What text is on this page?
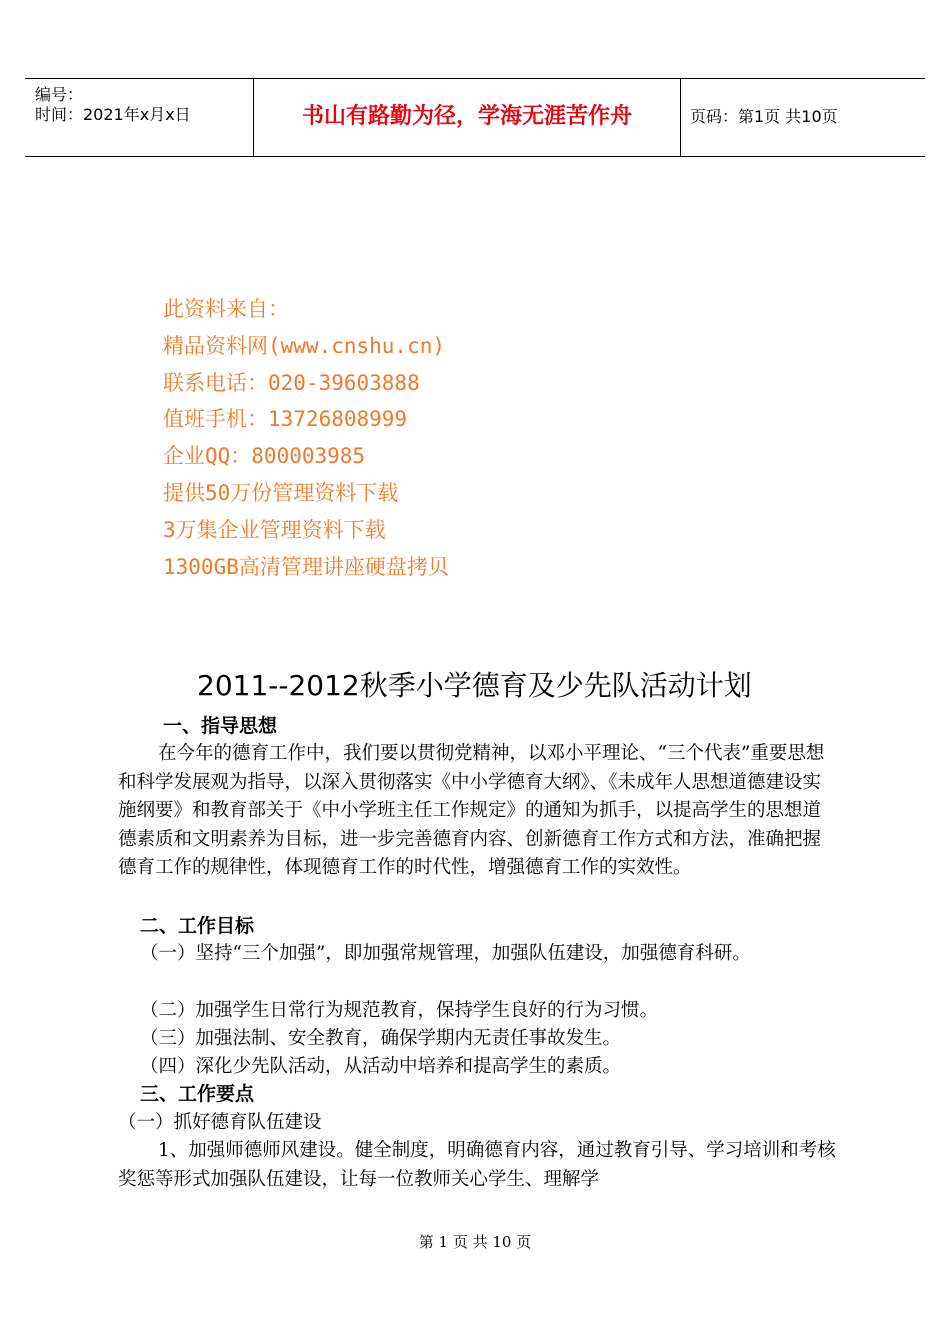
编号：
时间：2021年x月x日	书山有路勤为径，学海无涯苦作舟	页码：第1页 共10页
此资料来自：
精品资料网(www.cnshu.cn)
联系电话：020-39603888
值班手机：13726808999
企业QQ：800003985
提供50万份管理资料下载
3万集企业管理资料下载
1300GB高清管理讲座硬盘拷贝
2011--2012秋季小学德育及少先队活动计划
一、指导思想
在今年的德育工作中，我们要以贯彻党精神，以邓小平理论、“三个代表”重要思想和科学发展观为指导，以深入贯彻落实《中小学德育大纲》、《未成年人思想道德建设实施纲要》和教育部关于《中小学班主任工作规定》的通知为抓手，以提高学生的思想道德素质和文明素养为目标，进一步完善德育内容、创新德育工作方式和方法，准确把握德育工作的规律性，体现德育工作的时代性，增强德育工作的实效性。
二、工作目标
（一）坚持“三个加强”，即加强常规管理，加强队伍建设，加强德育科研。
（二）加强学生日常行为规范教育，保持学生良好的行为习惯。
（三）加强法制、安全教育，确保学期内无责任事故发生。
（四）深化少先队活动，从活动中培养和提高学生的素质。
三、工作要点
（一）抓好德育队伍建设
1、加强师德师风建设。健全制度，明确德育内容，通过教育引导、学习培训和考核奖惩等形式加强队伍建设，让每一位教师关心学生、理解学
第 1 页 共 10 页
